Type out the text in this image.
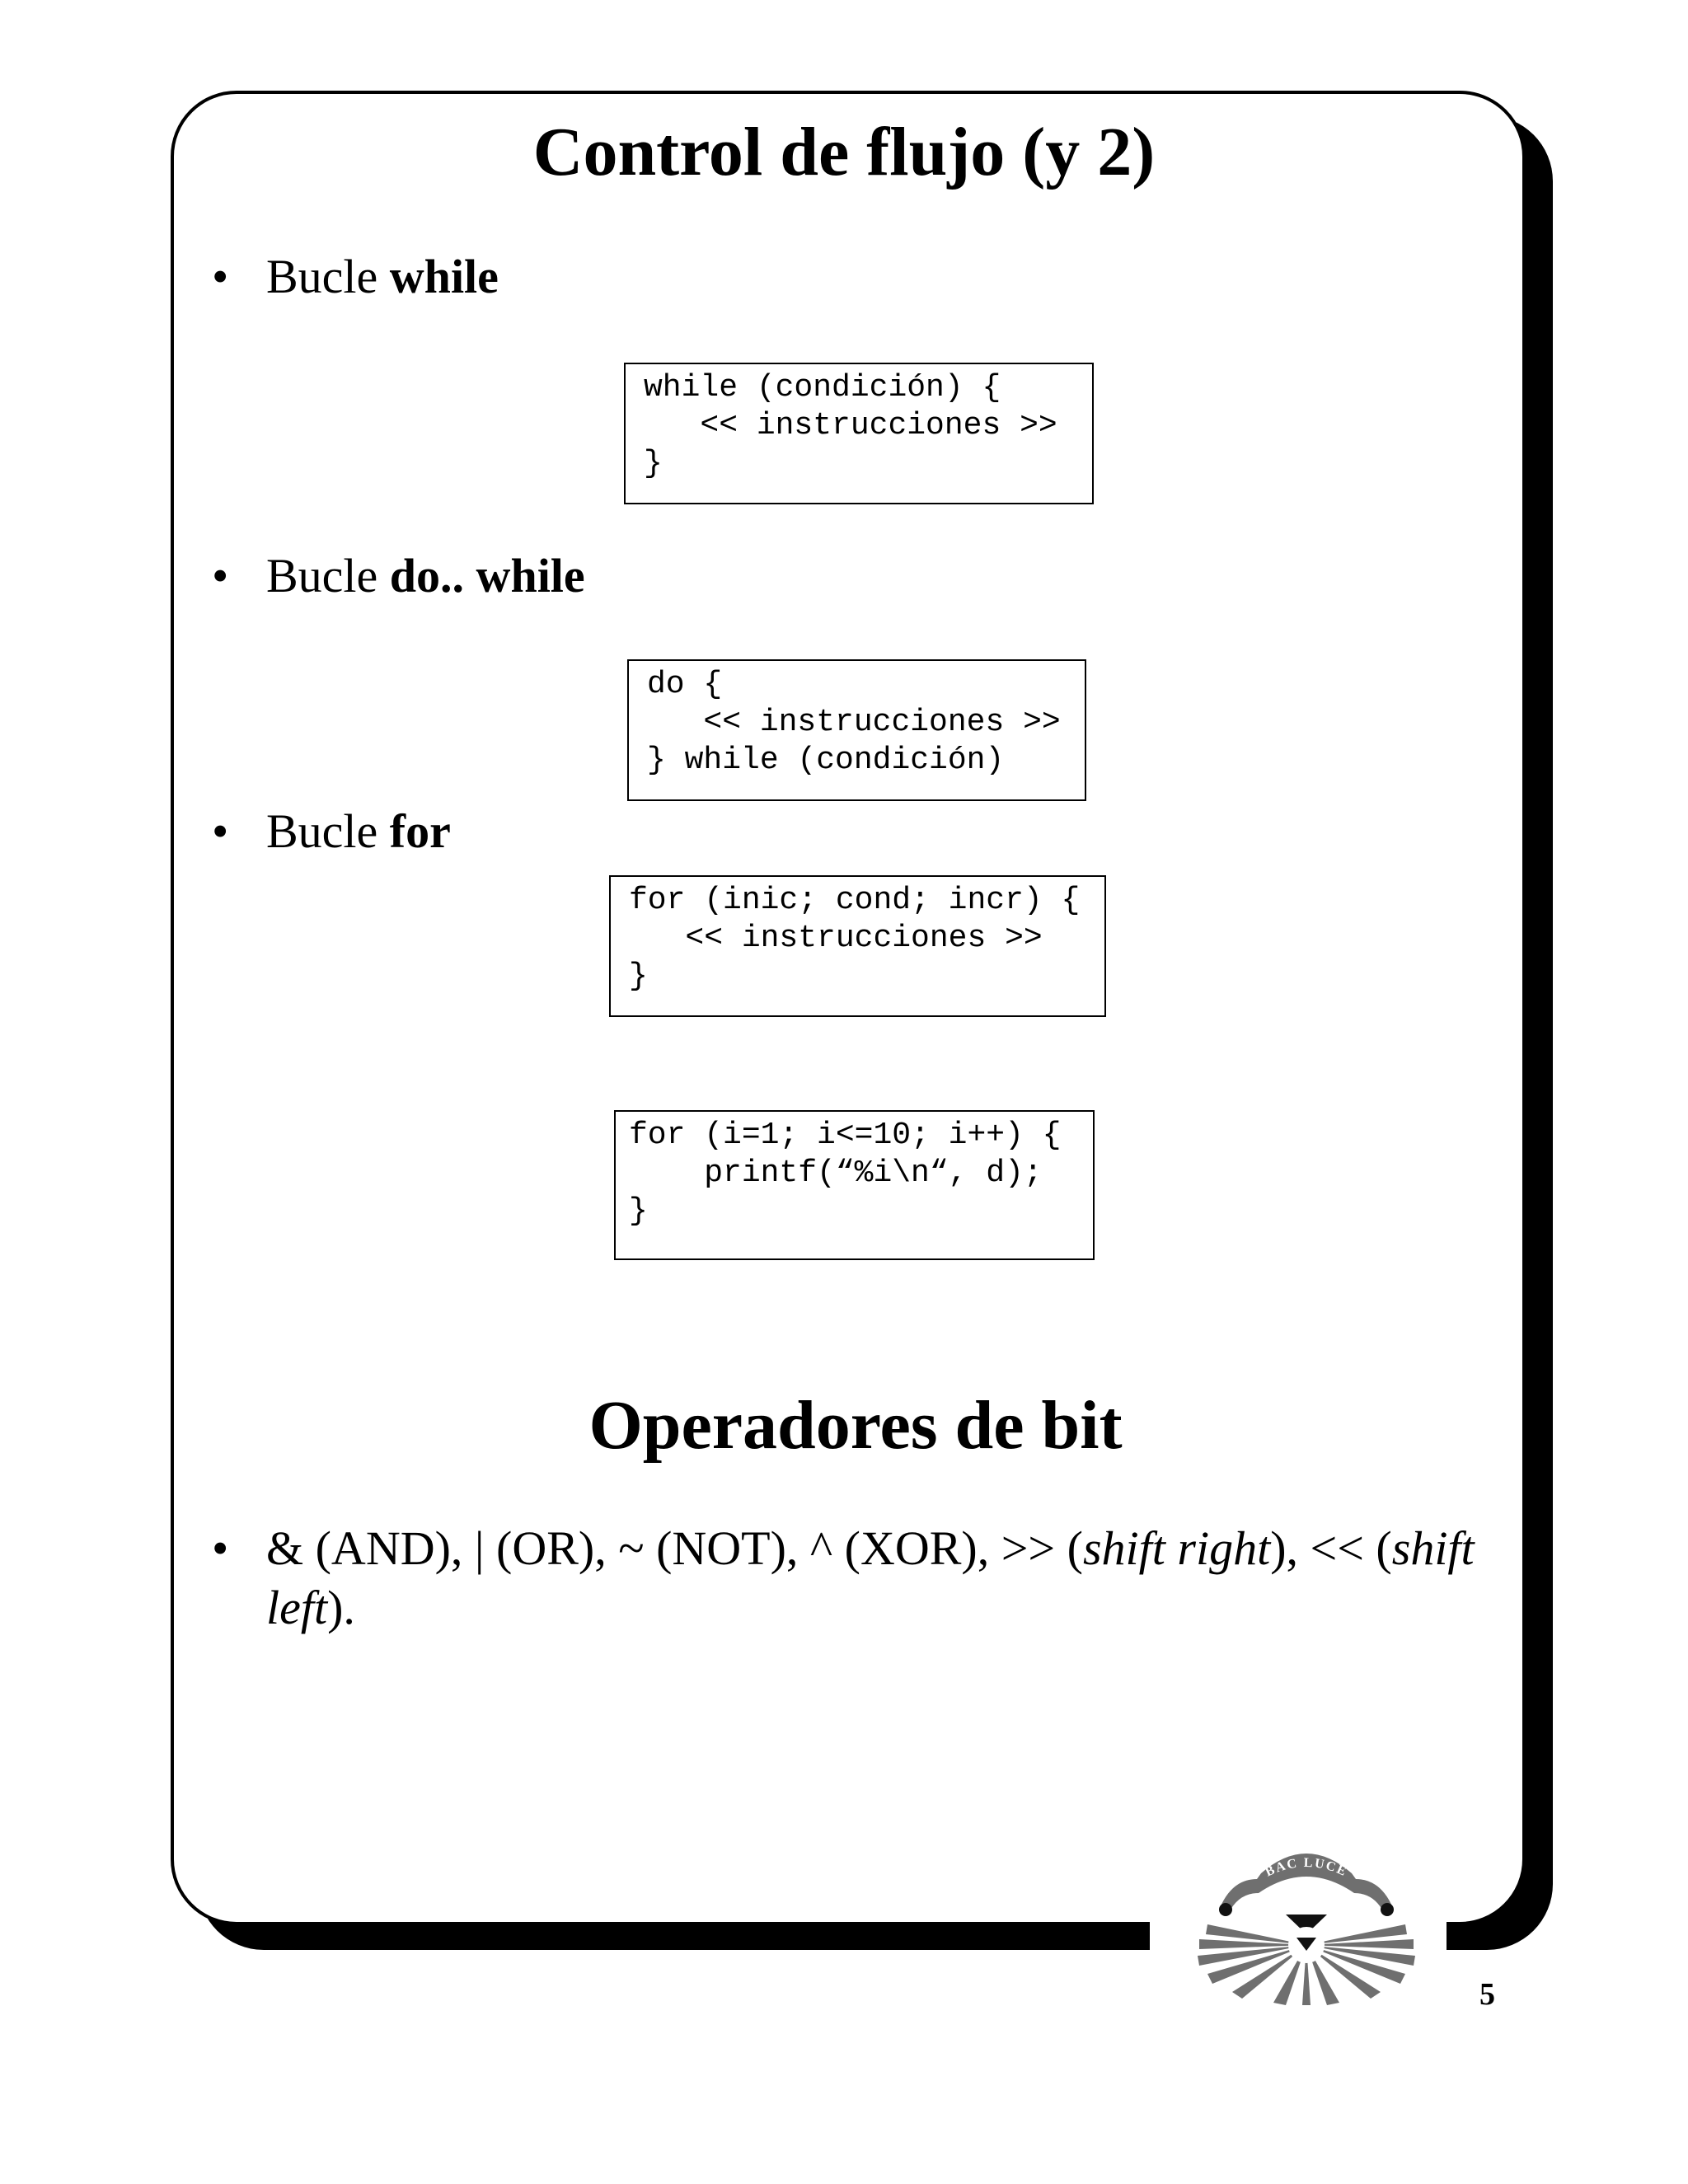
Control de flujo (y 2)
• Bucle while
while (condición) {
<< instrucciones >>
}
• Bucle do.. while
do {
<< instrucciones >>
} while (condición)
• Bucle for
for (inic; cond; incr) {
<< instrucciones >>
}
for (i=1; i<=10; i++) {
printf(“%i\n“, d);
}
Operadores de bit
• & (AND), | (OR), ~ (NOT), ^ (XOR), >> (shift right), << (shift left).
BAC LUCE
5
